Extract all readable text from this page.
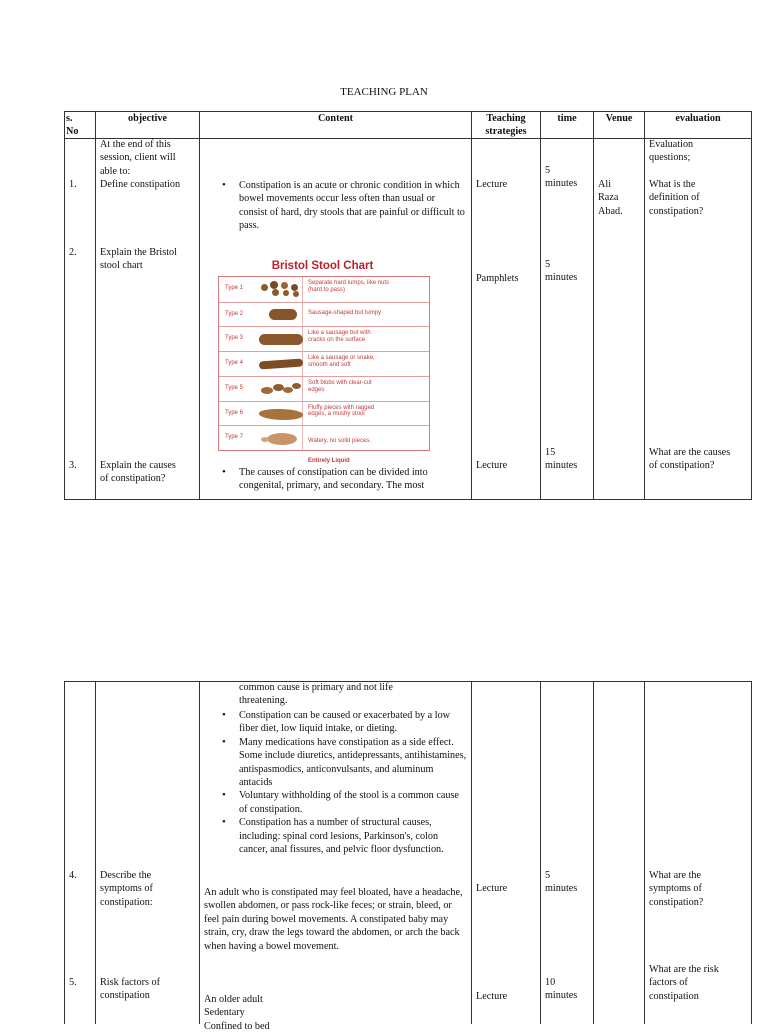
TEACHING PLAN
s.
No
objective	Content	Teaching
strategies
time	Venue	evaluation
At the end of this
session, client will
able to:
1. Define constipation
•	Constipation is an acute or chronic condition in which bowel movements occur less often than usual or consist of hard, dry stools that are painful or difficult to pass.
Lecture
5
minutes Ali
Raza
Abad.
Evaluation
questions;
What is the
definition of
constipation?
2. Explain the Bristol
stool chart
Pamphlets
5
minutes
Bristol Stool Chart
Type 1
Separate hard lumps, like nuts
(hard to pass)
Type 2	Sausage-shaped but lumpy
Type 3
Like a sausage but with
cracks on the surface
Type 4
Like a sausage or snake,
smooth and soft
Type 5
Soft blobs with clear-cut
edges
Type 6
Fluffy pieces with ragged
edges, a mushy stool
Type 7

Watery, no solid pieces.

Entirely Liquid

3. Explain the causes
of constipation?
• The causes of constipation can be divided into congenital, primary, and secondary. The most
Lecture
15
minutes
What are the causes
of constipation?
common cause is primary and not life
threatening.
• Constipation can be caused or exacerbated by a low fiber diet, low liquid intake, or dieting.
• Many medications have constipation as a side effect. Some include diuretics, antidepressants, antihistamines, antispasmodics, anticonvulsants, and aluminum antacids
• Voluntary withholding of the stool is a common cause of constipation.
• Constipation has a number of structural causes, including: spinal cord lesions, Parkinson's, colon cancer, anal fissures, and pelvic floor dysfunction.
4. Describe the
symptoms of
constipation:
An adult who is constipated may feel bloated, have a headache, swollen abdomen, or pass rock-like feces; or strain, bleed, or feel pain during bowel movements. A constipated baby may strain, cry, draw the legs toward the abdomen, or arch the back when having a bowel movement.
Lecture
5
minutes
What are the
symptoms of
constipation?
5. Risk factors of
constipation	An older adult
Sedentary
Confined to bed
Lecture
10
minutes
What are the risk
factors of
constipation
